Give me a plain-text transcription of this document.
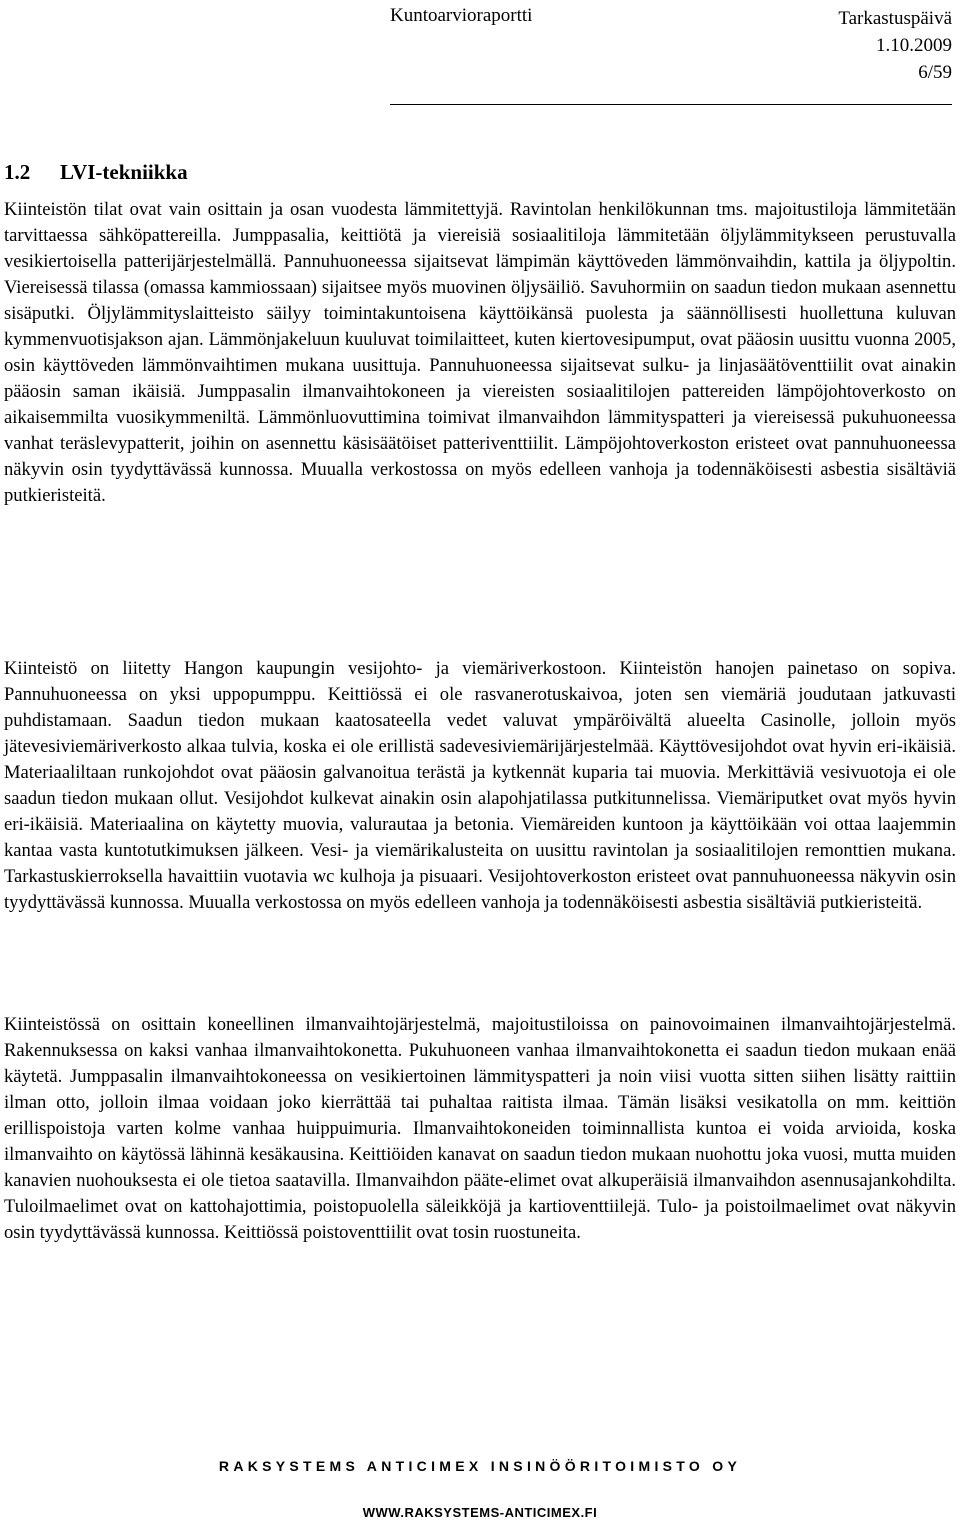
Kuntoarvioraportti	Tarkastuspäivä
1.10.2009
6/59
1.2 LVI-tekniikka

Kiinteistön tilat ovat vain osittain ja osan vuodesta lämmitettyjä. Ravintolan henkilökunnan tms. majoitustiloja lämmitetään tarvittaessa sähköpattereilla. Jumppasalia, keittiötä ja viereisiä sosiaalitiloja lämmitetään öljylämmitykseen perustuvalla vesikiertoisella patterijärjestelmällä. Pannuhuoneessa sijaitsevat lämpimän käyttöveden lämmönvaihdin, kattila ja öljypoltin. Viereisessä tilassa (omassa kammiossaan) sijaitsee myös muovinen öljysäiliö. Savuhormiin on saadun tiedon mukaan asennettu sisäputki. Öljylämmityslaitteisto säilyy toimintakuntoisena käyttöikänsä puolesta ja säännöllisesti huollettuna kuluvan kymmenvuotisjakson ajan. Lämmönjakeluun kuuluvat toimilaitteet, kuten kiertovesipumput, ovat pääosin uusittu vuonna 2005, osin käyttöveden lämmönvaihtimen mukana uusittuja. Pannuhuoneessa sijaitsevat sulku- ja linjasäätöventtiilit ovat ainakin pääosin saman ikäisiä. Jumppasalin ilmanvaihtokoneen ja viereisten sosiaalitilojen pattereiden lämpöjohtoverkosto on aikaisemmilta vuosikymmeniltä. Lämmönluovuttimina toimivat ilmanvaihdon lämmityspatteri ja viereisessä pukuhuoneessa vanhat teräslevypatterit, joihin on asennettu käsisäätöiset patteriventtiilit. Lämpöjohtoverkoston eristeet ovat pannuhuoneessa näkyvin osin tyydyttävässä kunnossa. Muualla verkostossa on myös edelleen vanhoja ja todennäköisesti asbestia sisältäviä putkieristeitä.

Kiinteistö on liitetty Hangon kaupungin vesijohto- ja viemäriverkostoon. Kiinteistön hanojen painetaso on sopiva. Pannuhuoneessa on yksi uppopumppu. Keittiössä ei ole rasvanerotuskaivoa, joten sen viemäriä joudutaan jatkuvasti puhdistamaan. Saadun tiedon mukaan kaatosateella vedet valuvat ympäröivältä alueelta Casinolle, jolloin myös jätevesiviemäriverkosto alkaa tulvia, koska ei ole erillistä sadevesiviemärijärjestelmää. Käyttövesijohdot ovat hyvin eri-ikäisiä. Materiaaliltaan runkojohdot ovat pääosin galvanoitua terästä ja kytkennät kuparia tai muovia. Merkittäviä vesivuotoja ei ole saadun tiedon mukaan ollut. Vesijohdot kulkevat ainakin osin alapohjatilassa putkitunnelissa. Viemäriputket ovat myös hyvin eri-ikäisiä. Materiaalina on käytetty muovia, valurautaa ja betonia. Viemäreiden kuntoon ja käyttöikään voi ottaa laajemmin kantaa vasta kuntotutkimuksen jälkeen. Vesi- ja viemärikalusteita on uusittu ravintolan ja sosiaalitilojen remonttien mukana. Tarkastuskierroksella havaittiin vuotavia wc kulhoja ja pisuaari. Vesijohtoverkoston eristeet ovat pannuhuoneessa näkyvin osin tyydyttävässä kunnossa. Muualla verkostossa on myös edelleen vanhoja ja todennäköisesti asbestia sisältäviä putkieristeitä.

Kiinteistössä on osittain koneellinen ilmanvaihtojärjestelmä, majoitustiloissa on painovoimainen ilmanvaihtojärjestelmä. Rakennuksessa on kaksi vanhaa ilmanvaihtokonetta. Pukuhuoneen vanhaa ilmanvaihtokonetta ei saadun tiedon mukaan enää käytetä. Jumppasalin ilmanvaihtokoneessa on vesikiertoinen lämmityspatteri ja noin viisi vuotta sitten siihen lisätty raittiin ilman otto, jolloin ilmaa voidaan joko kierrättää tai puhaltaa raitista ilmaa. Tämän lisäksi vesikatolla on mm. keittiön erillispoistoja varten kolme vanhaa huippuimuria. Ilmanvaihtokoneiden toiminnallista kuntoa ei voida arvioida, koska ilmanvaihto on käytössä lähinnä kesäkausina. Keittiöiden kanavat on saadun tiedon mukaan nuohottu joka vuosi, mutta muiden kanavien nuohouksesta ei ole tietoa saatavilla. Ilmanvaihdon pääte-elimet ovat alkuperäisiä ilmanvaihdon asennusajankohdilta. Tuloilmaelimet ovat on kattohajottimia, poistopuolella säleikköjä ja kartioventtiilejä. Tulo- ja poistoilmaelimet ovat näkyvin osin tyydyttävässä kunnossa. Keittiössä poistoventtiilit ovat tosin ruostuneita.

RAKSYSTEMS ANTICIMEX INSINÖÖRITOIMISTO OY
WWW.RAKSYSTEMS-ANTICIMEX.FI
